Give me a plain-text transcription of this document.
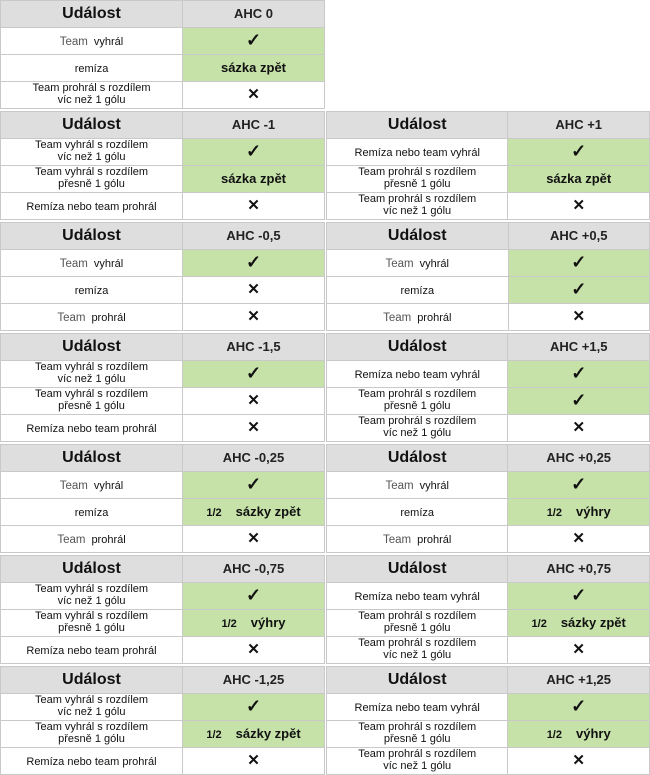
Událost	AHC 0
Team vyhrál	✓
remíza	sázka zpět
Team prohrál s rozdílem
víc než 1 gólu	✕
Událost	AHC -1
Team vyhrál s rozdílem
víc než 1 gólu	✓
Team vyhrál s rozdílem
přesně 1 gólu	sázka zpět
Remíza nebo team prohrál	✕
Událost	AHC +1
Remíza nebo team vyhrál	✓
Team prohrál s rozdílem
přesně 1 gólu	sázka zpět
Team prohrál s rozdílem
víc než 1 gólu	✕
Událost	AHC -0,5
Team vyhrál	✓
remíza	✕
Team prohrál	✕
Událost	AHC +0,5
Team vyhrál	✓
remíza	✓
Team prohrál	✕
Událost	AHC -1,5
Team vyhrál s rozdílem
víc než 1 gólu	✓
Team vyhrál s rozdílem
přesně 1 gólu	✕
Remíza nebo team prohrál	✕
Událost	AHC +1,5
Remíza nebo team vyhrál	✓
Team prohrál s rozdílem
přesně 1 gólu	✓
Team prohrál s rozdílem
víc než 1 gólu	✕
Událost	AHC -0,25
Team vyhrál	✓
remíza	1/2 sázky zpět
Team prohrál	✕
Událost	AHC +0,25
Team vyhrál	✓
remíza	1/2 výhry
Team prohrál	✕
Událost	AHC -0,75
Team vyhrál s rozdílem
víc než 1 gólu	✓
Team vyhrál s rozdílem
přesně 1 gólu	1/2 výhry
Remíza nebo team prohrál	✕
Událost	AHC +0,75
Remíza nebo team vyhrál	✓
Team prohrál s rozdílem
přesně 1 gólu	1/2 sázky zpět
Team prohrál s rozdílem
víc než 1 gólu	✕
Událost	AHC -1,25
Team vyhrál s rozdílem
víc než 1 gólu	✓
Team vyhrál s rozdílem
přesně 1 gólu	1/2 sázky zpět
Remíza nebo team prohrál	✕
Událost	AHC +1,25
Remíza nebo team vyhrál	✓
Team prohrál s rozdílem
přesně 1 gólu	1/2 výhry
Team prohrál s rozdílem
víc než 1 gólu	✕
